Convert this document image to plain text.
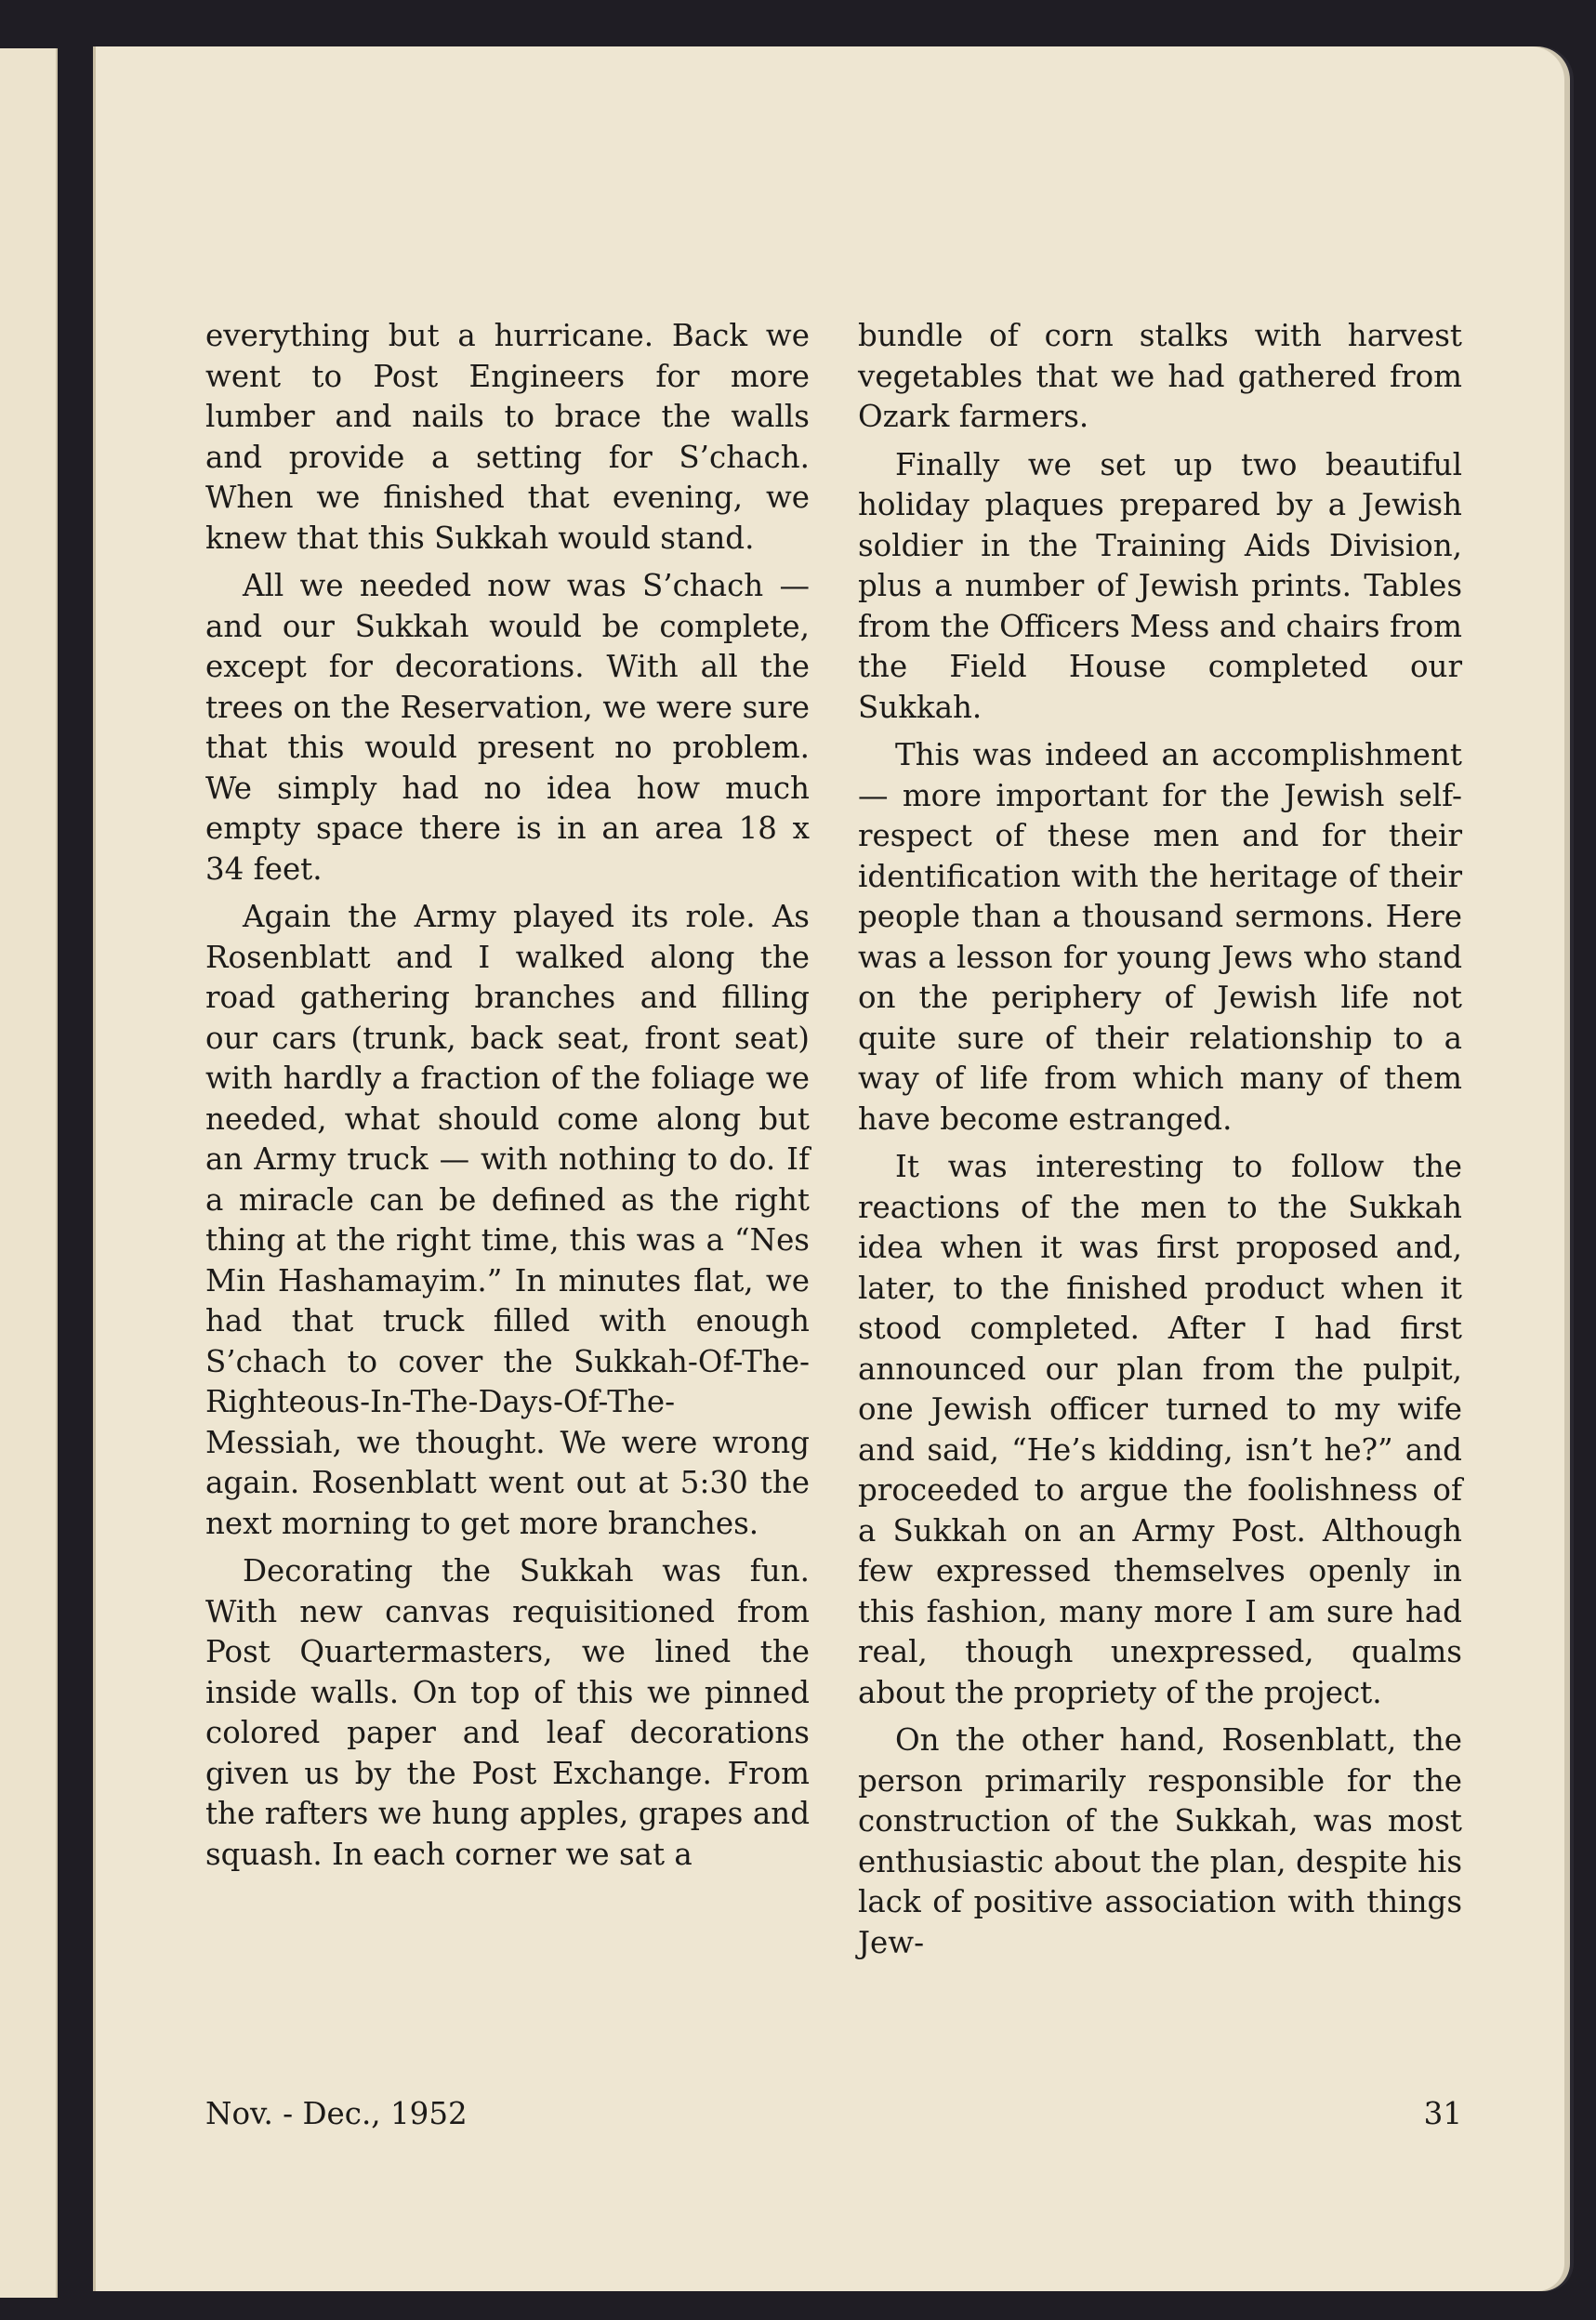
everything but a hurricane. Back we went to Post Engineers for more lumber and nails to brace the walls and provide a setting for S’chach. When we finished that evening, we knew that this Sukkah would stand.

All we needed now was S’chach — and our Sukkah would be complete, except for decorations. With all the trees on the Reservation, we were sure that this would present no problem. We simply had no idea how much empty space there is in an area 18 x 34 feet.

Again the Army played its role. As Rosenblatt and I walked along the road gathering branches and filling our cars (trunk, back seat, front seat) with hardly a fraction of the foliage we needed, what should come along but an Army truck — with nothing to do. If a miracle can be defined as the right thing at the right time, this was a “Nes Min Hashamayim.” In minutes flat, we had that truck filled with enough S’chach to cover the Sukkah-Of-The-Righteous-In-The-Days-Of-The-Messiah, we thought. We were wrong again. Rosenblatt went out at 5:30 the next morning to get more branches.

Decorating the Sukkah was fun. With new canvas requisitioned from Post Quartermasters, we lined the inside walls. On top of this we pinned colored paper and leaf decorations given us by the Post Exchange. From the rafters we hung apples, grapes and squash. In each corner we sat a

bundle of corn stalks with harvest vegetables that we had gathered from Ozark farmers.

Finally we set up two beautiful holiday plaques prepared by a Jewish soldier in the Training Aids Division, plus a number of Jewish prints. Tables from the Officers Mess and chairs from the Field House completed our Sukkah.

This was indeed an accomplishment — more important for the Jewish self-respect of these men and for their identification with the heritage of their people than a thousand sermons. Here was a lesson for young Jews who stand on the periphery of Jewish life not quite sure of their relationship to a way of life from which many of them have become estranged.

It was interesting to follow the reactions of the men to the Sukkah idea when it was first proposed and, later, to the finished product when it stood completed. After I had first announced our plan from the pulpit, one Jewish officer turned to my wife and said, “He’s kidding, isn’t he?” and proceeded to argue the foolishness of a Sukkah on an Army Post. Although few expressed themselves openly in this fashion, many more I am sure had real, though unexpressed, qualms about the propriety of the project.

On the other hand, Rosenblatt, the person primarily responsible for the construction of the Sukkah, was most enthusiastic about the plan, despite his lack of positive association with things Jew-

Nov. - Dec., 1952	31
